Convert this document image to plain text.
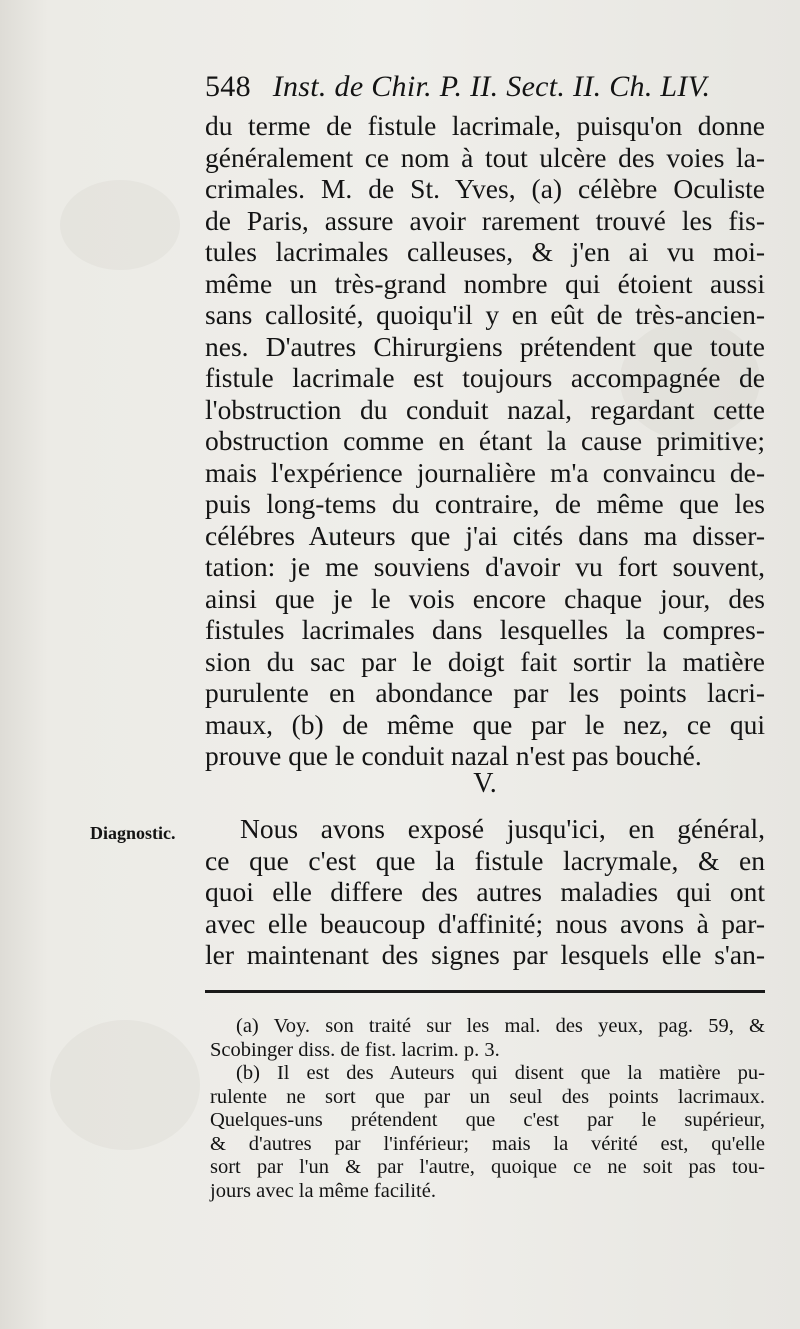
548 Inst. de Chir. P. II. Sect. II. Ch. LIV.
du terme de fistule lacrimale, puisqu'on donne
généralement ce nom à tout ulcère des voies la-
crimales. M. de St. Yves, (a) célèbre Oculiste
de Paris, assure avoir rarement trouvé les fis-
tules lacrimales calleuses, & j'en ai vu moi-
même un très-grand nombre qui étoient aussi
sans callosité, quoiqu'il y en eût de très-ancien-
nes. D'autres Chirurgiens prétendent que toute
fistule lacrimale est toujours accompagnée de
l'obstruction du conduit nazal, regardant cette
obstruction comme en étant la cause primitive;
mais l'expérience journalière m'a convaincu de-
puis long-tems du contraire, de même que les
célébres Auteurs que j'ai cités dans ma disser-
tation: je me souviens d'avoir vu fort souvent,
ainsi que je le vois encore chaque jour, des
fistules lacrimales dans lesquelles la compres-
sion du sac par le doigt fait sortir la matière
purulente en abondance par les points lacri-
maux, (b) de même que par le nez, ce qui
prouve que le conduit nazal n'est pas bouché.
V.
Diagnostic.	Nous avons exposé jusqu'ici, en général,
ce que c'est que la fistule lacrymale, & en
quoi elle differe des autres maladies qui ont
avec elle beaucoup d'affinité; nous avons à par-
ler maintenant des signes par lesquels elle s'an-
(a) Voy. son traité sur les mal. des yeux, pag. 59, &
Scobinger diss. de fist. lacrim. p. 3.
(b) Il est des Auteurs qui disent que la matière pu-
rulente ne sort que par un seul des points lacrimaux.
Quelques-uns prétendent que c'est par le supérieur,
& d'autres par l'inférieur; mais la vérité est, qu'elle
sort par l'un & par l'autre, quoique ce ne soit pas tou-
jours avec la même facilité.
